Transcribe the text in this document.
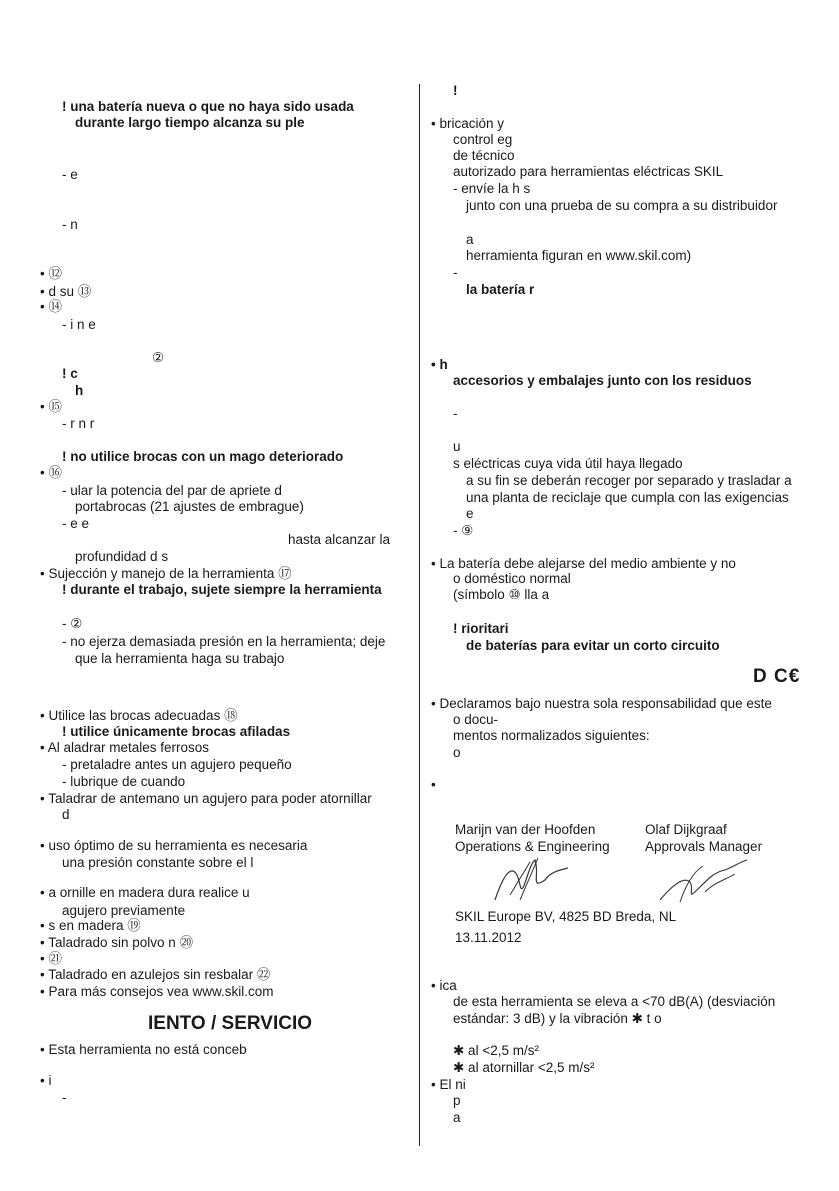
! una batería nueva o que no haya sido usada
durante largo tiempo alcanza su ple
- e
- n
• ⑫
• d su ⑬
• ⑭
- i n e
②
! c
h
• ⑮
- r n r
! no utilice brocas con un mago deteriorado
• ⑯
- ular la potencia del par de apriete d
portabrocas (21 ajustes de embrague)
- e e
hasta alcanzar la
profundidad d s
• Sujección y manejo de la herramienta ⑰
! durante el trabajo, sujete siempre la herramienta
- ②
- no ejerza demasiada presión en la herramienta; deje
que la herramienta haga su trabajo
• Utilice las brocas adecuadas ⑱
! utilice únicamente brocas afiladas
• Al aladrar metales ferrosos
- pretaladre antes un agujero pequeño
- lubrique de cuando
• Taladrar de antemano un agujero para poder atornillar
d
• uso óptimo de su herramienta es necesaria
una presión constante sobre el l
• a ornille en madera dura realice u
agujero previamente
• s en madera ⑲
• Taladrado sin polvo n ⑳
• ㉑
• Taladrado en azulejos sin resbalar ㉒
• Para más consejos vea www.skil.com
• Esta herramienta no está conceb
• i
-
!
• bricación y
control eg
de técnico
autorizado para herramientas eléctricas SKIL
- envíe la h s
junto con una prueba de su compra a su distribuidor
a
herramienta figuran en www.skil.com)
-
la batería r
• h
accesorios y embalajes junto con los residuos
-
u
s eléctricas cuya vida útil haya llegado
a su fin se deberán recoger por separado y trasladar a
una planta de reciclaje que cumpla con las exigencias
e
- ⑨
• La batería debe alejarse del medio ambiente y no
o doméstico normal
(símbolo ⑩ lla a
! rioritari
de baterías para evitar un corto circuito
• Declaramos bajo nuestra sola responsabilidad que este
o docu-
mentos normalizados siguientes:
o
•
Marijn van der Hoofden	Olaf Dijkgraaf
Operations & Engineering	Approvals Manager
SKIL Europe BV, 4825 BD Breda, NL
13.11.2012
• ica
de esta herramienta se eleva a <70 dB(A) (desviación
estándar: 3 dB) y la vibración ✱ t o
✱ al <2,5 m/s²
✱ al atornillar <2,5 m/s²
• El ni
p
a
IENTO / SERVICIO
D C€
